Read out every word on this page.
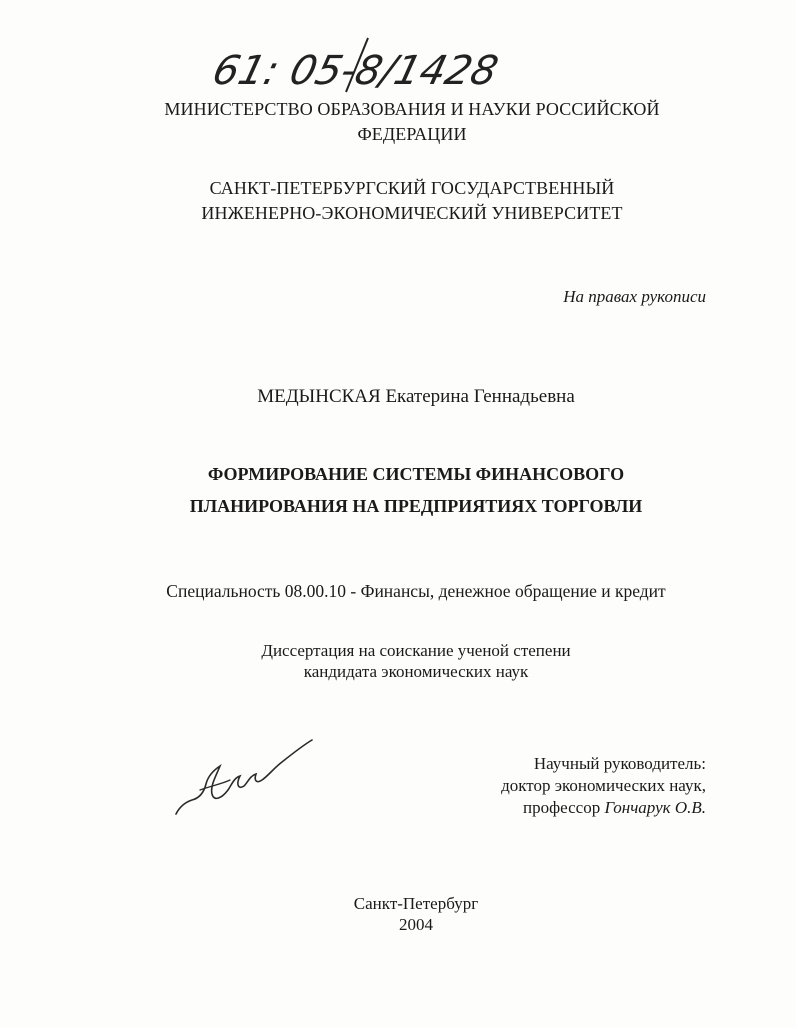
61: 05-8/1428
МИНИСТЕРСТВО ОБРАЗОВАНИЯ И НАУКИ РОССИЙСКОЙ
ФЕДЕРАЦИИ
САНКТ-ПЕТЕРБУРГСКИЙ ГОСУДАРСТВЕННЫЙ
ИНЖЕНЕРНО-ЭКОНОМИЧЕСКИЙ УНИВЕРСИТЕТ
На правах рукописи
МЕДЫНСКАЯ Екатерина Геннадьевна
ФОРМИРОВАНИЕ СИСТЕМЫ ФИНАНСОВОГО
ПЛАНИРОВАНИЯ НА ПРЕДПРИЯТИЯХ ТОРГОВЛИ
Специальность 08.00.10 - Финансы, денежное обращение и кредит
Диссертация на соискание ученой степени
кандидата экономических наук
Научный руководитель:
доктор экономических наук,
профессор Гончарук О.В.
Санкт-Петербург
2004
